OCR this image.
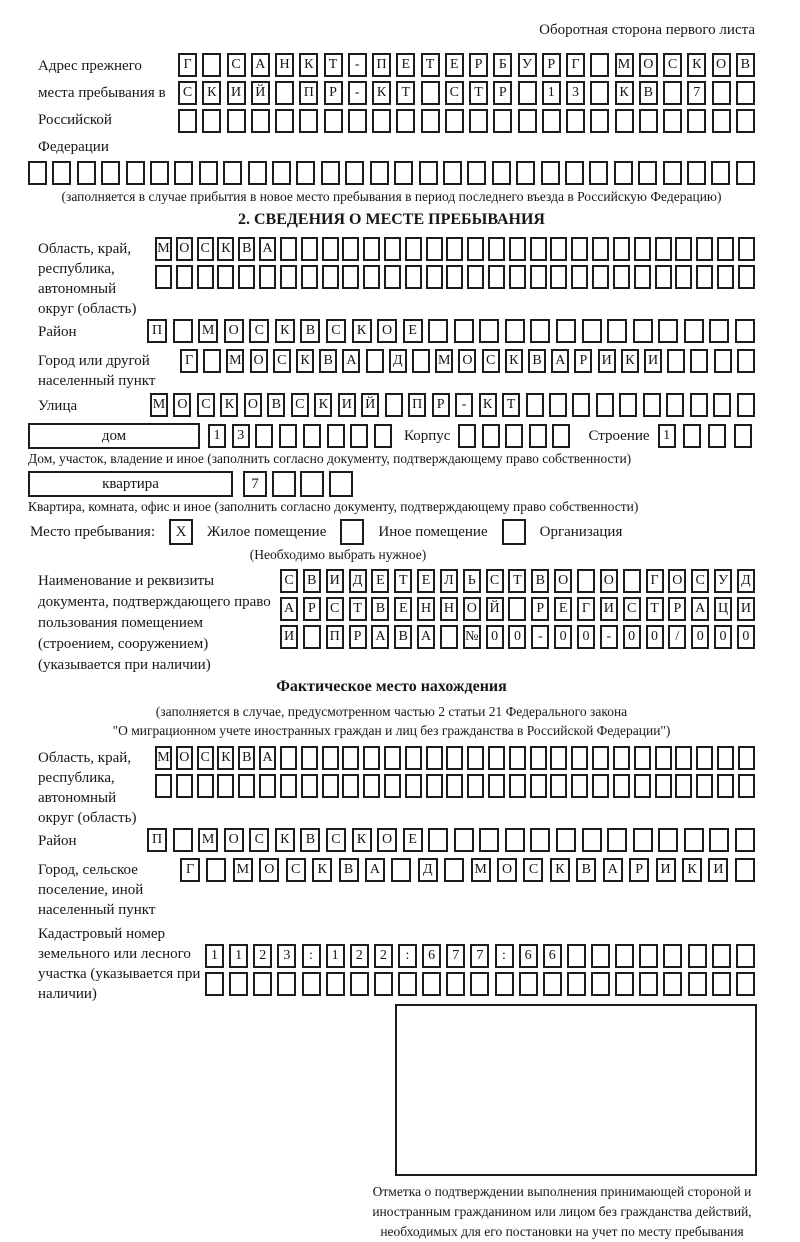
Оборотная сторона первого листа
Адрес прежнего места пребывания в Российской Федерации
Г	С	А	Н	К	Т	-	П	Е	Т	Е	Р	Б	У	Р	Г	М О	С	К	О	В
С	К	И	Й	П	Р	-	К	Т	С	Т	Р	1	3	К	В	7
(заполняется в случае прибытия в новое место пребывания в период последнего въезда в Российскую Федерацию)
2. СВЕДЕНИЯ О МЕСТЕ ПРЕБЫВАНИЯ
Область, край, республика, автономный округ (область)
М О С К В А
Район	П	М	О	С	К	В	С	К	О	Е
Город или другой населенный пункт
Г	М О С К В А	Д	М О С К В А	Р	И К И
Улица	М О С	К О В	С	К И Й	П	Р	-	К	Т
дом	1	3	Корпус	Строение 1
Дом, участок, владение и иное (заполнить согласно документу, подтверждающему право собственности)
квартира	7
Квартира, комната, офис и иное (заполнить согласно документу, подтверждающему право собственности)
Место пребывания:	X	Жилое помещение	Иное помещение	Организация
(Необходимо выбрать нужное)
Наименование и реквизиты документа, подтверждающего право пользования помещением (строением, сооружением) (указывается при наличии)
С В И Д Е	Т	Е Л	Ь	С Т В О	О	Г О С У Д
А Р	С Т В Е Н Н О Й	Р	Е	Г И С Т	Р А Ц И
И	П Р А В А № 0	0	-	0	0	-	0	0	/	0	0	0
Фактическое место нахождения
(заполняется в случае, предусмотренном частью 2 статьи 21 Федерального закона
"О миграционном учете иностранных граждан и лиц без гражданства в Российской Федерации")
Область, край, республика, автономный округ (область)
М О С К В А
Район	П	М	О	С	К	В	С	К	О	Е
Город, сельское поселение, иной населенный пункт
Г	М	О	С	К	В	А	Д	М	О	С	К	В	А	Р	И	К	И
Кадастровый номер земельного или лесного участка (указывается при наличии)
1	1	2	3	:	1	2	2	:	6	7	7	:	6	6
Отметка о подтверждении выполнения принимающей стороной и иностранным гражданином или лицом без гражданства действий, необходимых для его постановки на учет по месту пребывания
